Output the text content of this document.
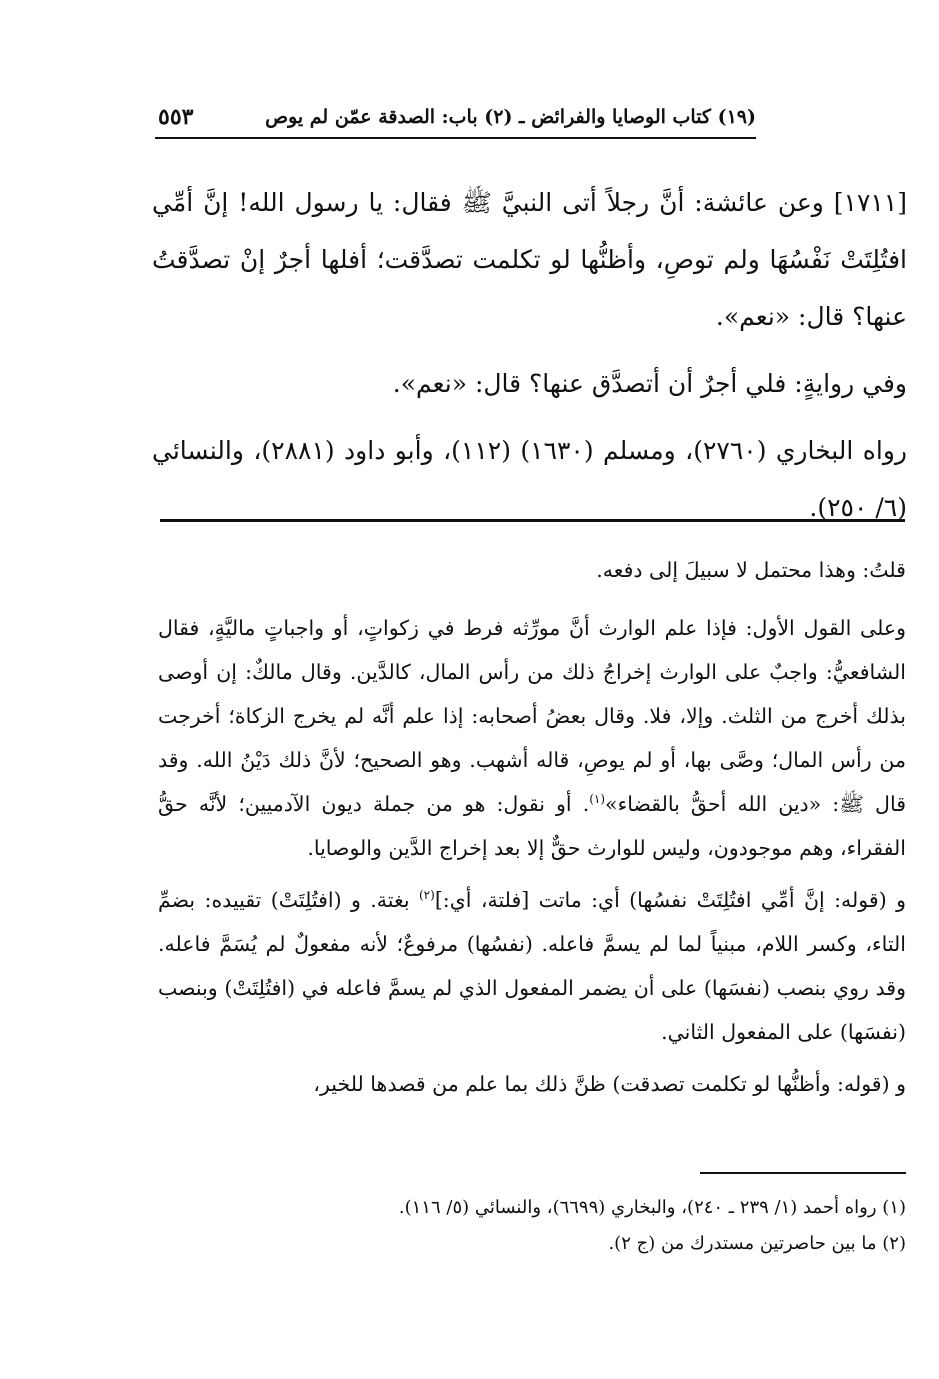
(١٩) كتاب الوصايا والفرائض ـ (٢) باب: الصدقة عمّن لم يوص
٥٥٣

[١٧١١] وعن عائشة: أنَّ رجلاً أتى النبيَّ ﷺ فقال: يا رسول الله! إنَّ أمِّي افتُلِتَتْ نَفْسُهَا ولم توصِ، وأظنُّها لو تكلمت تصدَّقت؛ أفلها أجرٌ إنْ تصدَّقتُ عنها؟ قال: «نعم».

وفي روايةٍ: فلي أجرٌ أن أتصدَّق عنها؟ قال: «نعم».

رواه البخاري (٢٧٦٠)، ومسلم (١٦٣٠) (١١٢)، وأبو داود (٢٨٨١)، والنسائي (٦/ ٢٥٠).

قلتُ: وهذا محتمل لا سبيلَ إلى دفعه.

وعلى القول الأول: فإذا علم الوارث أنَّ مورِّثه فرط في زكواتٍ، أو واجباتٍ ماليَّةٍ، فقال الشافعيُّ: واجبٌ على الوارث إخراجُ ذلك من رأس المال، كالدَّين. وقال مالكٌ: إن أوصى بذلك أخرج من الثلث. وإلا، فلا. وقال بعضُ أصحابه: إذا علم أنَّه لم يخرج الزكاة؛ أخرجت من رأس المال؛ وصَّى بها، أو لم يوصِ، قاله أشهب. وهو الصحيح؛ لأنَّ ذلك دَيْنُ الله. وقد قال ﷺ: «دين الله أحقُّ بالقضاء»$^{(١)}$. أو نقول: هو من جملة ديون الآدميين؛ لأنَّه حقُّ الفقراء، وهم موجودون، وليس للوارث حقٌّ إلا بعد إخراج الدَّين والوصايا.

و (قوله: إنَّ أمِّي افتُلِتَتْ نفسُها) أي: ماتت [فلتة، أي:]$^{(٢)}$ بغتة. و (افتُلِتَتْ) تقييده: بضمِّ التاء، وكسر اللام، مبنياً لما لم يسمَّ فاعله. (نفسُها) مرفوعٌ؛ لأنه مفعولٌ لم يُسَمَّ فاعله. وقد روي بنصب (نفسَها) على أن يضمر المفعول الذي لم يسمَّ فاعله في (افتُلِتَتْ) وبنصب (نفسَها) على المفعول الثاني.

و (قوله: وأظنُّها لو تكلمت تصدقت) ظنَّ ذلك بما علم من قصدها للخير،

(١) رواه أحمد (١/ ٢٣٩ ـ ٢٤٠)، والبخاري (٦٦٩٩)، والنسائي (٥/ ١١٦).

(٢) ما بين حاصرتين مستدرك من (ج ٢).
